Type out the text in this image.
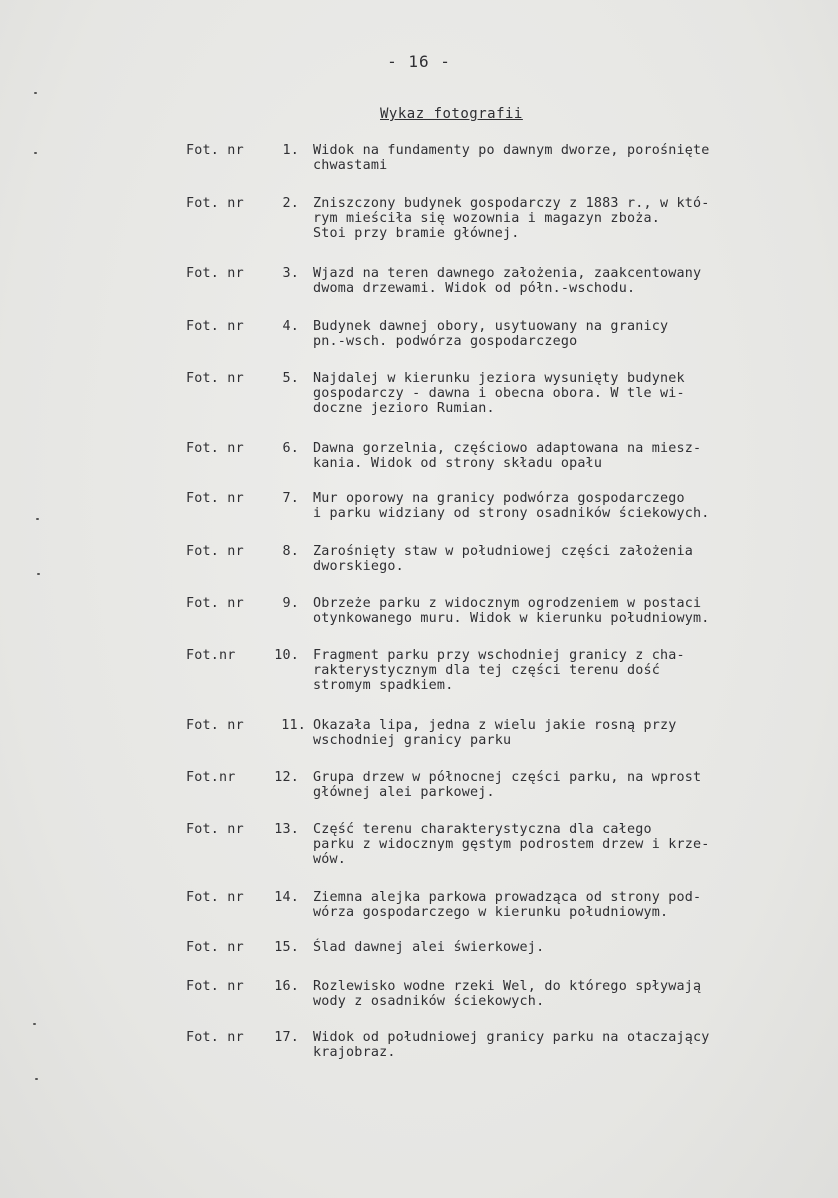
- 16 -
Wykaz fotografii
Fot. nr	1. Widok na fundamenty po dawnym dworze, porośnięte
chwastami
Fot. nr	2. Zniszczony budynek gospodarczy z 1883 r., w któ-
rym mieściła się wozownia i magazyn zboża.
Stoi przy bramie głównej.
Fot. nr	3. Wjazd na teren dawnego założenia, zaakcentowany
dwoma drzewami. Widok od półn.-wschodu.
Fot. nr	4. Budynek dawnej obory, usytuowany na granicy
pn.-wsch. podwórza gospodarczego
Fot. nr	5. Najdalej w kierunku jeziora wysunięty budynek
gospodarczy - dawna i obecna obora. W tle wi-
doczne jezioro Rumian.
Fot. nr	6. Dawna gorzelnia, częściowo adaptowana na miesz-
kania. Widok od strony składu opału
Fot. nr	7. Mur oporowy na granicy podwórza gospodarczego
i parku widziany od strony osadników ściekowych.
Fot. nr	8. Zarośnięty staw w południowej części założenia
dworskiego.
Fot. nr	9. Obrzeże parku z widocznym ogrodzeniem w postaci
otynkowanego muru. Widok w kierunku południowym.
Fot.nr	10. Fragment parku przy wschodniej granicy z cha-
rakterystycznym dla tej części terenu dość
stromym spadkiem.
Fot. nr	11. Okazała lipa, jedna z wielu jakie rosną przy
wschodniej granicy parku
Fot.nr	12. Grupa drzew w północnej części parku, na wprost
głównej alei parkowej.
Fot. nr	13. Część terenu charakterystyczna dla całego
parku z widocznym gęstym podrostem drzew i krze-
wów.
Fot. nr	14. Ziemna alejka parkowa prowadząca od strony pod-
wórza gospodarczego w kierunku południowym.
Fot. nr	15. Ślad dawnej alei świerkowej.
Fot. nr	16. Rozlewisko wodne rzeki Wel, do którego spływają
wody z osadników ściekowych.
Fot. nr	17. Widok od południowej granicy parku na otaczający
krajobraz.
